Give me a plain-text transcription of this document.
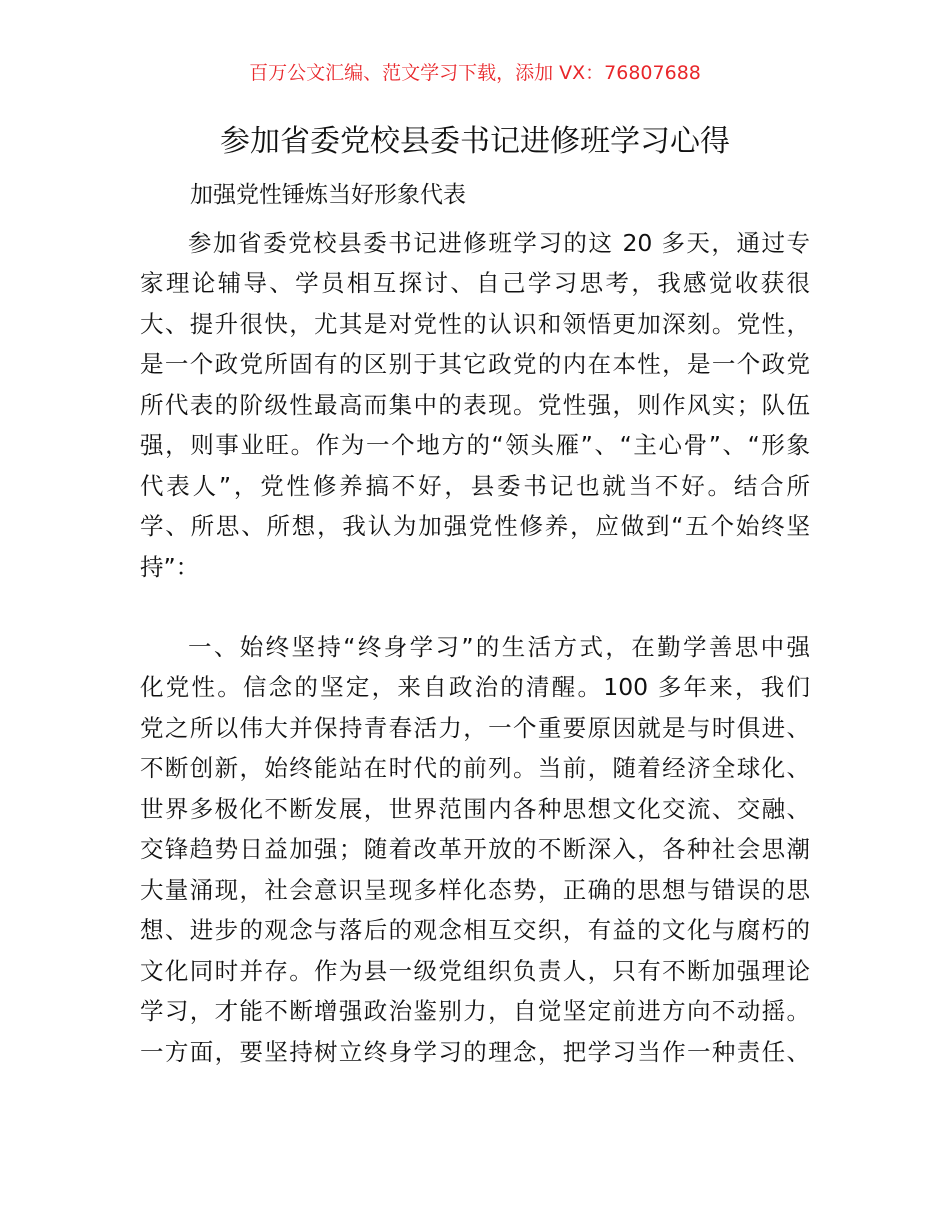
百万公文汇编、范文学习下载，添加 VX：76807688
参加省委党校县委书记进修班学习心得
加强党性锤炼当好形象代表
参加省委党校县委书记进修班学习的这 20 多天，通过专
家理论辅导、学员相互探讨、自己学习思考，我感觉收获很
大、提升很快，尤其是对党性的认识和领悟更加深刻。党性，
是一个政党所固有的区别于其它政党的内在本性，是一个政党
所代表的阶级性最高而集中的表现。党性强，则作风实；队伍
强，则事业旺。作为一个地方的“领头雁”、“主心骨”、“形象
代表人”，党性修养搞不好，县委书记也就当不好。结合所
学、所思、所想，我认为加强党性修养，应做到“五个始终坚
持”：
一、始终坚持“终身学习”的生活方式，在勤学善思中强
化党性。信念的坚定，来自政治的清醒。100 多年来，我们
党之所以伟大并保持青春活力，一个重要原因就是与时俱进、
不断创新，始终能站在时代的前列。当前，随着经济全球化、
世界多极化不断发展，世界范围内各种思想文化交流、交融、
交锋趋势日益加强；随着改革开放的不断深入，各种社会思潮
大量涌现，社会意识呈现多样化态势，正确的思想与错误的思
想、进步的观念与落后的观念相互交织，有益的文化与腐朽的
文化同时并存。作为县一级党组织负责人，只有不断加强理论
学习，才能不断增强政治鉴别力，自觉坚定前进方向不动摇。
一方面，要坚持树立终身学习的理念，把学习当作一种责任、
